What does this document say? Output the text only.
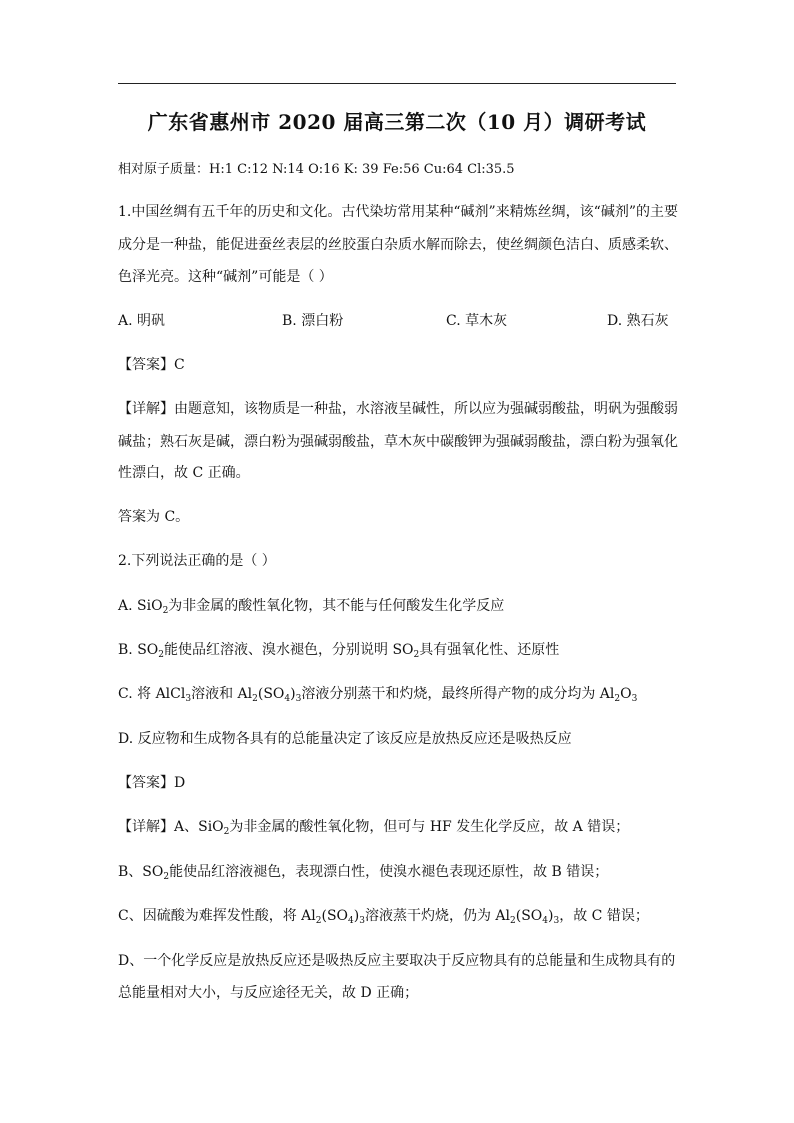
广东省惠州市 2020 届高三第二次（10 月）调研考试
相对原子质量：H:1 C:12 N:14 O:16 K: 39 Fe:56 Cu:64 Cl:35.5
1.中国丝绸有五千年的历史和文化。古代染坊常用某种“碱剂”来精炼丝绸，该“碱剂”的主要
成分是一种盐，能促进蚕丝表层的丝胶蛋白杂质水解而除去，使丝绸颜色洁白、质感柔软、
色泽光亮。这种“碱剂”可能是（ ）
A. 明矾	B. 漂白粉	C. 草木灰	D. 熟石灰
【答案】C
【详解】由题意知，该物质是一种盐，水溶液呈碱性，所以应为强碱弱酸盐，明矾为强酸弱
碱盐；熟石灰是碱，漂白粉为强碱弱酸盐，草木灰中碳酸钾为强碱弱酸盐，漂白粉为强氧化
性漂白，故 C 正确。
答案为 C。
2.下列说法正确的是（ ）
A. SiO$_2$为非金属的酸性氧化物，其不能与任何酸发生化学反应
B. $SO_2$能使品红溶液、溴水褪色，分别说明 $SO_2$具有强氧化性、还原性
C. 将 AlCl$_3$溶液和 $Al_2(SO_4)_3$溶液分别蒸干和灼烧，最终所得产物的成分均为 $Al_2O_3$
D. 反应物和生成物各具有的总能量决定了该反应是放热反应还是吸热反应
【答案】D
【详解】A、SiO$_2$为非金属的酸性氧化物，但可与 HF 发生化学反应，故 A 错误；
B、$SO_2$能使品红溶液褪色，表现漂白性，使溴水褪色表现还原性，故 B 错误；
C、因硫酸为难挥发性酸，将 $Al_2(SO_4)_3$溶液蒸干灼烧，仍为 $Al_2(SO_4)_3$，故 C 错误；
D、一个化学反应是放热反应还是吸热反应主要取决于反应物具有的总能量和生成物具有的
总能量相对大小，与反应途径无关，故 D 正确；
